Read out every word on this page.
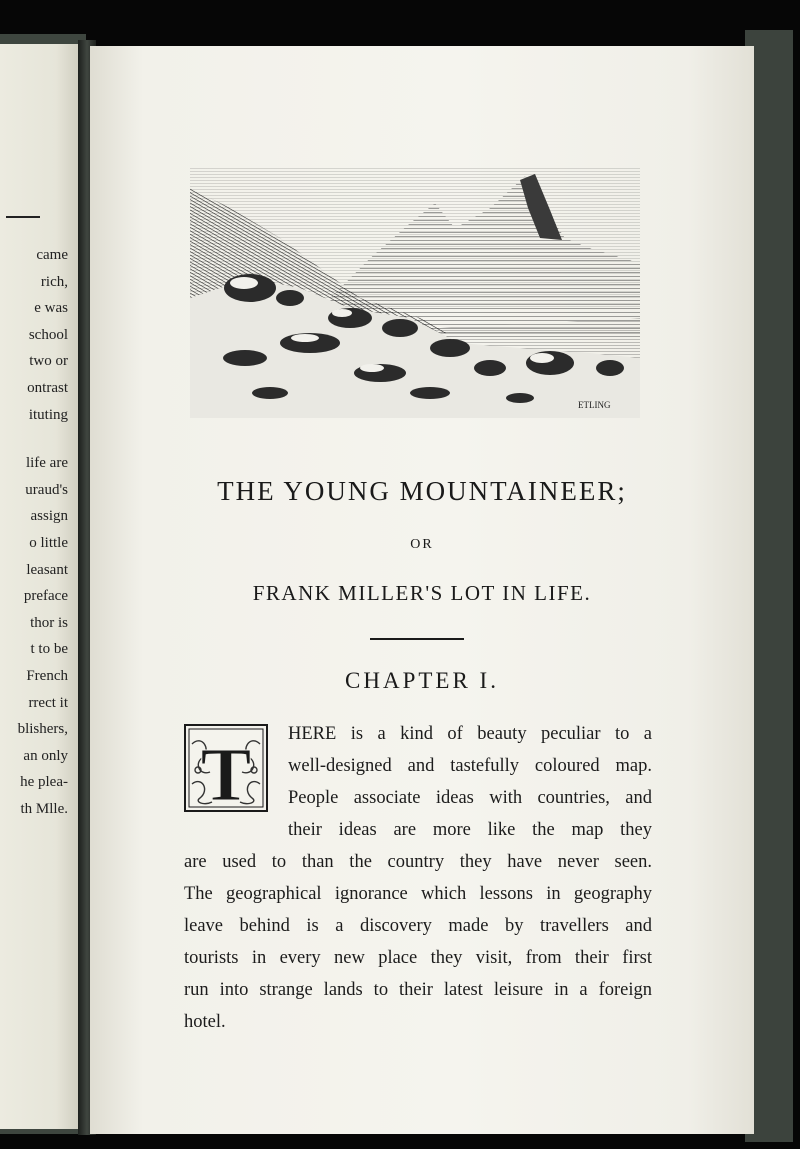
came
rich,
e was
school
two or
ontrast
ituting
life are
uraud's
assign
o little
leasant
preface
thor is
t to be
French
rrect it
blishers,
an only
he plea-
th Mlle.
ETLING
THE YOUNG MOUNTAINEER;
OR
FRANK MILLER'S LOT IN LIFE.
CHAPTER I.
T HERE is a kind of beauty peculiar to a
well-designed and tastefully coloured map.
People associate ideas with countries, and
their ideas are more like the map they
are used to than the country they have never seen.
The geographical ignorance which lessons in geography
leave behind is a discovery made by travellers and
tourists in every new place they visit, from their first
run into strange lands to their latest leisure in a foreign
hotel.
